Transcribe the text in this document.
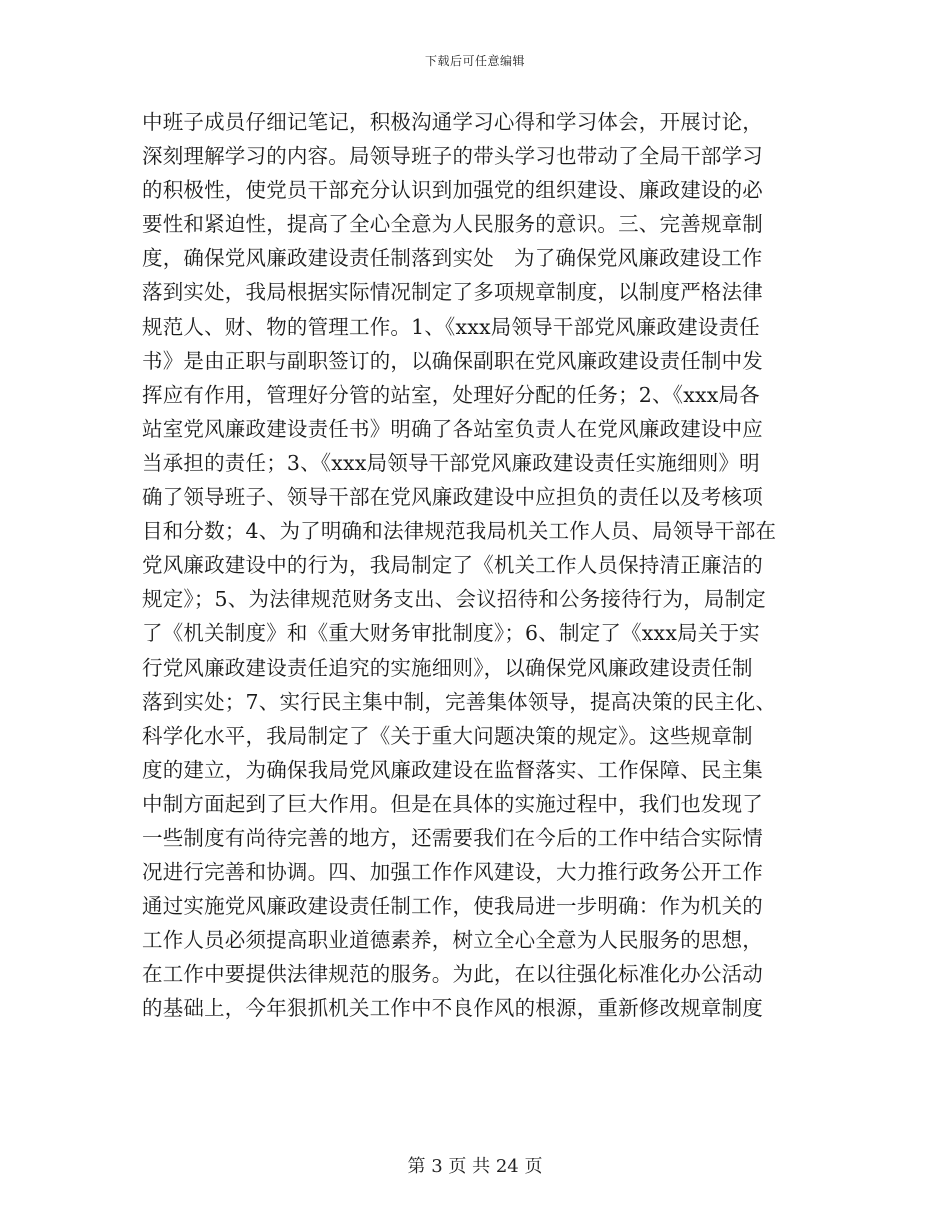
下载后可任意编辑
中班子成员仔细记笔记，积极沟通学习心得和学习体会，开展讨论，
深刻理解学习的内容。局领导班子的带头学习也带动了全局干部学习
的积极性，使党员干部充分认识到加强党的组织建设、廉政建设的必
要性和紧迫性，提高了全心全意为人民服务的意识。三、完善规章制
度，确保党风廉政建设责任制落到实处   为了确保党风廉政建设工作
落到实处，我局根据实际情况制定了多项规章制度，以制度严格法律
规范人、财、物的管理工作。1、《xxx局领导干部党风廉政建设责任
书》是由正职与副职签订的，以确保副职在党风廉政建设责任制中发
挥应有作用，管理好分管的站室，处理好分配的任务；2、《xxx局各
站室党风廉政建设责任书》明确了各站室负责人在党风廉政建设中应
当承担的责任；3、《xxx局领导干部党风廉政建设责任实施细则》明
确了领导班子、领导干部在党风廉政建设中应担负的责任以及考核项
目和分数；4、为了明确和法律规范我局机关工作人员、局领导干部在
党风廉政建设中的行为，我局制定了《机关工作人员保持清正廉洁的
规定》；5、为法律规范财务支出、会议招待和公务接待行为，局制定
了《机关制度》和《重大财务审批制度》；6、制定了《xxx局关于实
行党风廉政建设责任追究的实施细则》，以确保党风廉政建设责任制
落到实处；7、实行民主集中制，完善集体领导，提高决策的民主化、
科学化水平，我局制定了《关于重大问题决策的规定》。这些规章制
度的建立，为确保我局党风廉政建设在监督落实、工作保障、民主集
中制方面起到了巨大作用。但是在具体的实施过程中，我们也发现了
一些制度有尚待完善的地方，还需要我们在今后的工作中结合实际情
况进行完善和协调。四、加强工作作风建设，大力推行政务公开工作
通过实施党风廉政建设责任制工作，使我局进一步明确：作为机关的
工作人员必须提高职业道德素养，树立全心全意为人民服务的思想，
在工作中要提供法律规范的服务。为此，在以往强化标准化办公活动
的基础上，今年狠抓机关工作中不良作风的根源，重新修改规章制度
第 3 页 共 24 页
